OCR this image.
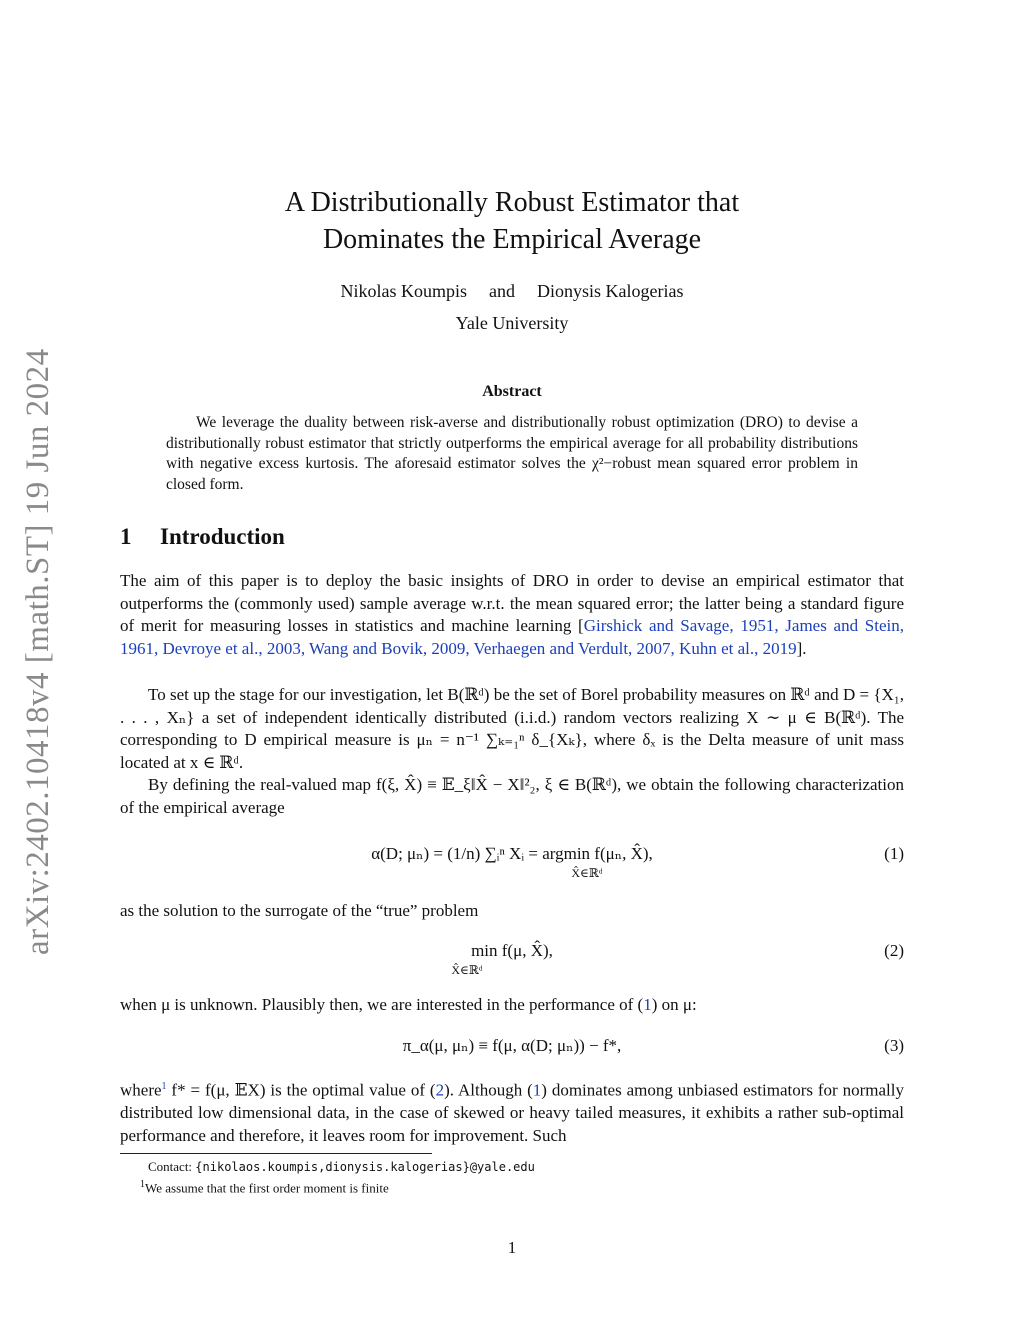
arXiv:2402.10418v4 [math.ST] 19 Jun 2024
A Distributionally Robust Estimator that
Dominates the Empirical Average
Nikolas Koumpis and Dionysis Kalogerias
Yale University
Abstract
We leverage the duality between risk-averse and distributionally robust optimization (DRO) to devise a distributionally robust estimator that strictly outperforms the empirical average for all probability distributions with negative excess kurtosis. The aforesaid estimator solves the χ²−robust mean squared error problem in closed form.
1 Introduction
The aim of this paper is to deploy the basic insights of DRO in order to devise an empirical estimator that outperforms the (commonly used) sample average w.r.t. the mean squared error; the latter being a standard figure of merit for measuring losses in statistics and machine learning [Girshick and Savage, 1951, James and Stein, 1961, Devroye et al., 2003, Wang and Bovik, 2009, Verhaegen and Verdult, 2007, Kuhn et al., 2019].
To set up the stage for our investigation, let B(ℝᵈ) be the set of Borel probability measures on ℝᵈ and D = {X₁, . . . , Xₙ} a set of independent identically distributed (i.i.d.) random vectors realizing X ∼ μ ∈ B(ℝᵈ). The corresponding to D empirical measure is μₙ = n⁻¹ ∑ₖ₌₁ⁿ δ_{Xₖ}, where δₓ is the Delta measure of unit mass located at x ∈ ℝᵈ.
By defining the real-valued map f(ξ, X̂) ≡ 𝔼_ξ‖X̂ − X‖²₂, ξ ∈ B(ℝᵈ), we obtain the following characterization of the empirical average
α(D; μₙ) = (1/n) ∑ᵢⁿ Xᵢ = argmin f(μₙ, X̂),
X̂∈ℝᵈ
(1)
as the solution to the surrogate of the “true” problem
min f(μ, X̂),
X̂∈ℝᵈ
(2)
when μ is unknown. Plausibly then, we are interested in the performance of (1) on μ:
π_α(μ, μₙ) ≡ f(μ, α(D; μₙ)) − f*,	(3)
where$^1$ f* = f(μ, 𝔼X) is the optimal value of (2). Although (1) dominates among unbiased estimators for normally distributed low dimensional data, in the case of skewed or heavy tailed measures, it exhibits a rather sub-optimal performance and therefore, it leaves room for improvement. Such
Contact: {nikolaos.koumpis,dionysis.kalogerias}@yale.edu
$^1$We assume that the first order moment is finite
1
